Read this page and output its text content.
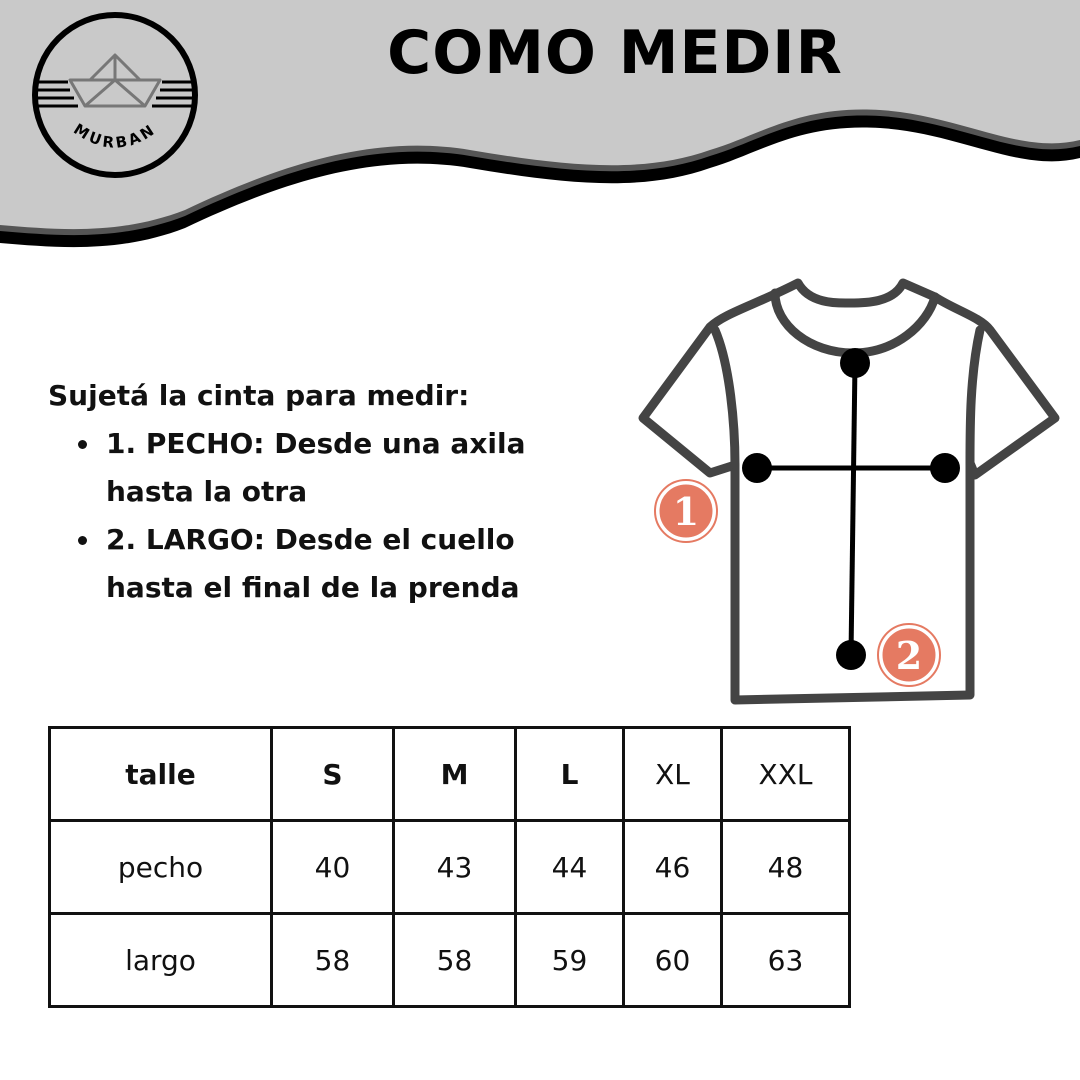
MURBAN
COMO MEDIR
Sujetá la cinta para medir:
1. PECHO: Desde una axila
hasta la otra
2. LARGO: Desde el cuello
hasta el final de la prenda
1
2
talle	S	M	L	XL	XXL
pecho	40	43	44	46	48
largo	58	58	59	60	63
